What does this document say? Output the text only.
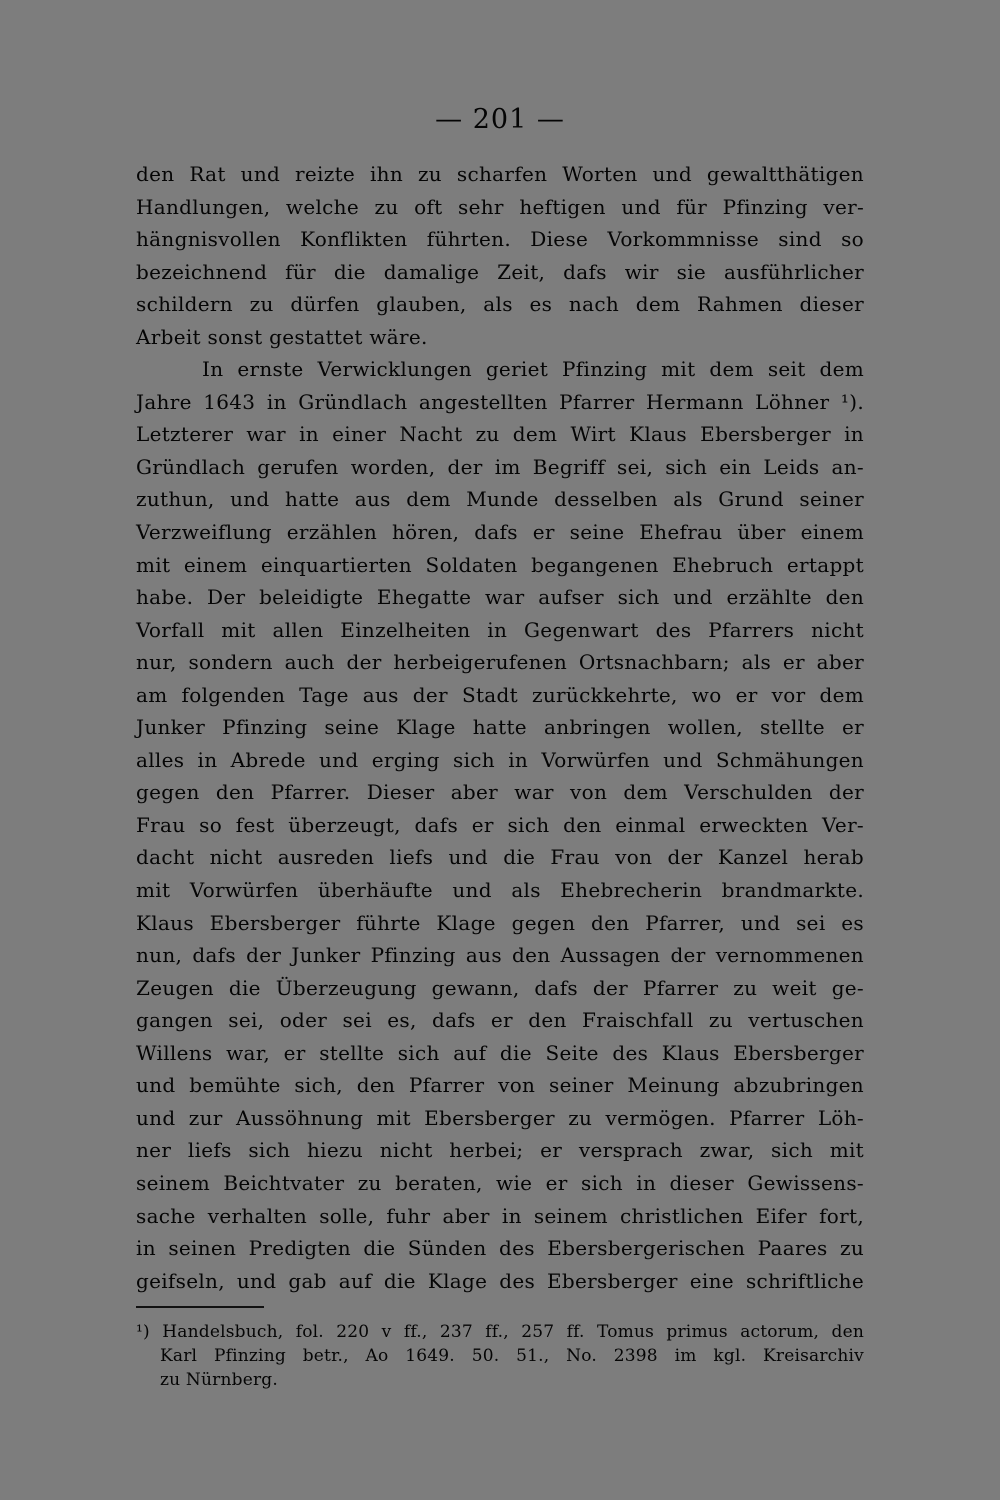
— 201 —
den Rat und reizte ihn zu scharfen Worten und gewaltthätigen
Handlungen, welche zu oft sehr heftigen und für Pfinzing ver-
hängnisvollen Konflikten führten. Diese Vorkommnisse sind so
bezeichnend für die damalige Zeit, dafs wir sie ausführlicher
schildern zu dürfen glauben, als es nach dem Rahmen dieser
Arbeit sonst gestattet wäre.
In ernste Verwicklungen geriet Pfinzing mit dem seit dem
Jahre 1643 in Gründlach angestellten Pfarrer Hermann Löhner ¹).
Letzterer war in einer Nacht zu dem Wirt Klaus Ebersberger in
Gründlach gerufen worden, der im Begriff sei, sich ein Leids an-
zuthun, und hatte aus dem Munde desselben als Grund seiner
Verzweiflung erzählen hören, dafs er seine Ehefrau über einem
mit einem einquartierten Soldaten begangenen Ehebruch ertappt
habe. Der beleidigte Ehegatte war aufser sich und erzählte den
Vorfall mit allen Einzelheiten in Gegenwart des Pfarrers nicht
nur, sondern auch der herbeigerufenen Ortsnachbarn; als er aber
am folgenden Tage aus der Stadt zurückkehrte, wo er vor dem
Junker Pfinzing seine Klage hatte anbringen wollen, stellte er
alles in Abrede und erging sich in Vorwürfen und Schmähungen
gegen den Pfarrer. Dieser aber war von dem Verschulden der
Frau so fest überzeugt, dafs er sich den einmal erweckten Ver-
dacht nicht ausreden liefs und die Frau von der Kanzel herab
mit Vorwürfen überhäufte und als Ehebrecherin brandmarkte.
Klaus Ebersberger führte Klage gegen den Pfarrer, und sei es
nun, dafs der Junker Pfinzing aus den Aussagen der vernommenen
Zeugen die Überzeugung gewann, dafs der Pfarrer zu weit ge-
gangen sei, oder sei es, dafs er den Fraischfall zu vertuschen
Willens war, er stellte sich auf die Seite des Klaus Ebersberger
und bemühte sich, den Pfarrer von seiner Meinung abzubringen
und zur Aussöhnung mit Ebersberger zu vermögen. Pfarrer Löh-
ner liefs sich hiezu nicht herbei; er versprach zwar, sich mit
seinem Beichtvater zu beraten, wie er sich in dieser Gewissens-
sache verhalten solle, fuhr aber in seinem christlichen Eifer fort,
in seinen Predigten die Sünden des Ebersbergerischen Paares zu
geifseln, und gab auf die Klage des Ebersberger eine schriftliche
¹) Handelsbuch, fol. 220 v ff., 237 ff., 257 ff. Tomus primus actorum, den
Karl Pfinzing betr., Ao 1649. 50. 51., No. 2398 im kgl. Kreisarchiv
zu Nürnberg.
